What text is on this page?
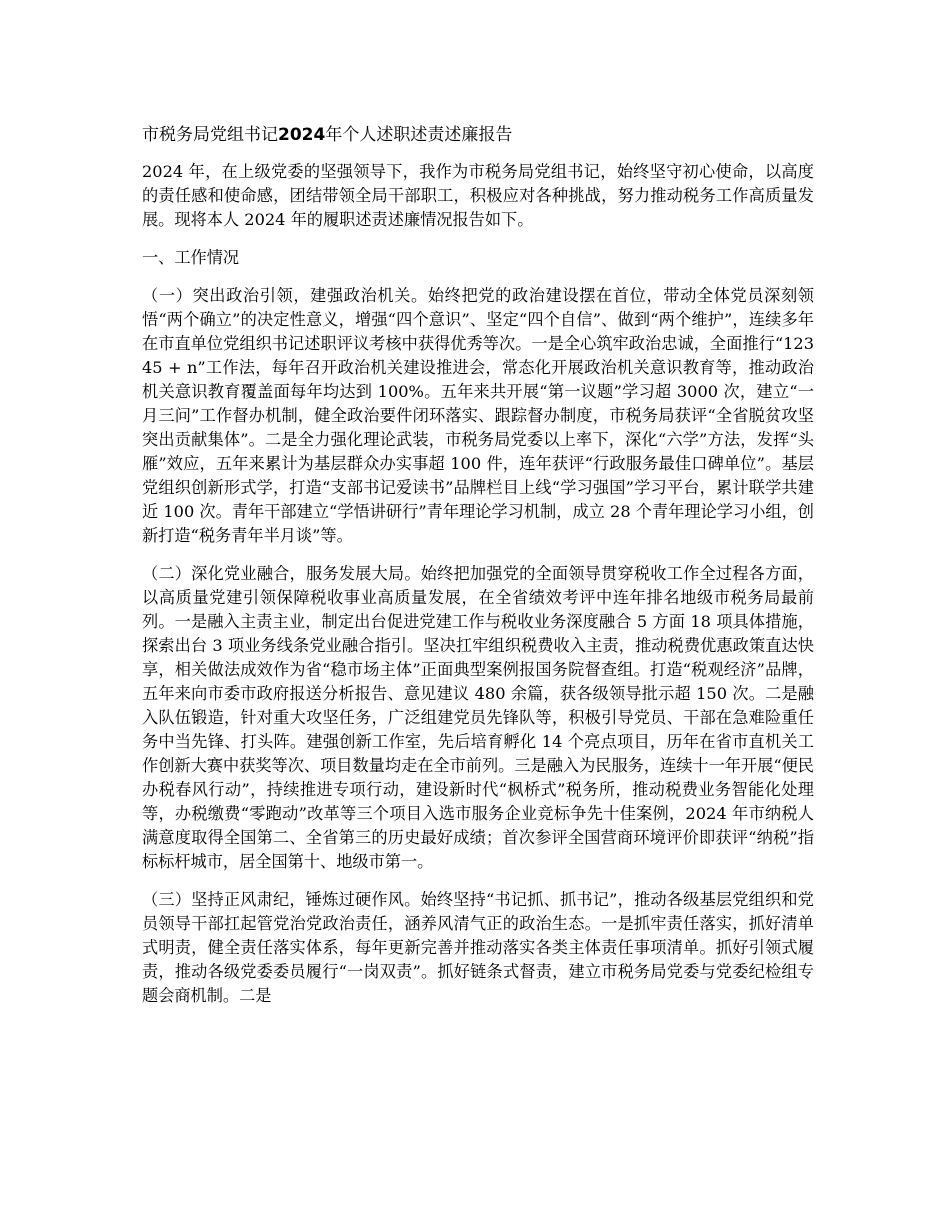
市税务局党组书记2024年个人述职述责述廉报告

2024 年，在上级党委的坚强领导下，我作为市税务局党组书记，始终坚守初心使命，以高度的责任感和使命感，团结带领全局干部职工，积极应对各种挑战，努力推动税务工作高质量发展。现将本人 2024 年的履职述责述廉情况报告如下。

一、工作情况

（一）突出政治引领，建强政治机关。始终把党的政治建设摆在首位，带动全体党员深刻领悟“两个确立”的决定性意义，增强“四个意识”、坚定“四个自信”、做到“两个维护”，连续多年在市直单位党组织书记述职评议考核中获得优秀等次。一是全心筑牢政治忠诚，全面推行“12345 + n”工作法，每年召开政治机关建设推进会，常态化开展政治机关意识教育等，推动政治机关意识教育覆盖面每年均达到 100%。五年来共开展“第一议题”学习超 3000 次，建立“一月三问”工作督办机制，健全政治要件闭环落实、跟踪督办制度，市税务局获评“全省脱贫攻坚突出贡献集体”。二是全力强化理论武装，市税务局党委以上率下，深化“六学”方法，发挥“头雁”效应，五年来累计为基层群众办实事超 100 件，连年获评“行政服务最佳口碑单位”。基层党组织创新形式学，打造“支部书记爱读书”品牌栏目上线“学习强国”学习平台，累计联学共建近 100 次。青年干部建立“学悟讲研行”青年理论学习机制，成立 28 个青年理论学习小组，创新打造“税务青年半月谈”等。

（二）深化党业融合，服务发展大局。始终把加强党的全面领导贯穿税收工作全过程各方面，以高质量党建引领保障税收事业高质量发展，在全省绩效考评中连年排名地级市税务局最前列。一是融入主责主业，制定出台促进党建工作与税收业务深度融合 5 方面 18 项具体措施，探索出台 3 项业务线条党业融合指引。坚决扛牢组织税费收入主责，推动税费优惠政策直达快享，相关做法成效作为省“稳市场主体”正面典型案例报国务院督查组。打造“税观经济”品牌，五年来向市委市政府报送分析报告、意见建议 480 余篇，获各级领导批示超 150 次。二是融入队伍锻造，针对重大攻坚任务，广泛组建党员先锋队等，积极引导党员、干部在急难险重任务中当先锋、打头阵。建强创新工作室，先后培育孵化 14 个亮点项目，历年在省市直机关工作创新大赛中获奖等次、项目数量均走在全市前列。三是融入为民服务，连续十一年开展“便民办税春风行动”，持续推进专项行动，建设新时代“枫桥式”税务所，推动税费业务智能化处理等，办税缴费“零跑动”改革等三个项目入选市服务企业竞标争先十佳案例，2024 年市纳税人满意度取得全国第二、全省第三的历史最好成绩；首次参评全国营商环境评价即获评“纳税”指标标杆城市，居全国第十、地级市第一。

（三）坚持正风肃纪，锤炼过硬作风。始终坚持“书记抓、抓书记”，推动各级基层党组织和党员领导干部扛起管党治党政治责任，涵养风清气正的政治生态。一是抓牢责任落实，抓好清单式明责，健全责任落实体系，每年更新完善并推动落实各类主体责任事项清单。抓好引领式履责，推动各级党委委员履行“一岗双责”。抓好链条式督责，建立市税务局党委与党委纪检组专题会商机制。二是
